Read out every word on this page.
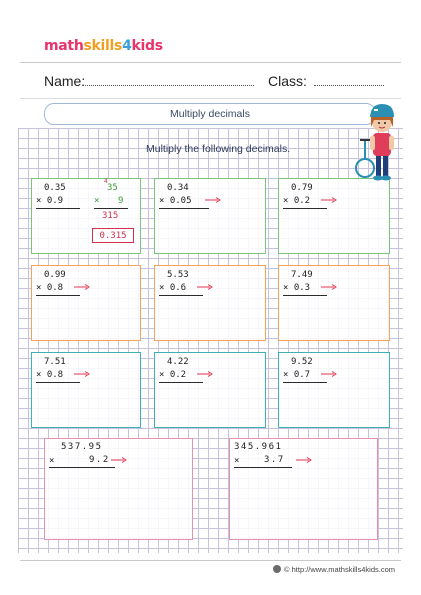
mathskills4kids
Name:	Class:
Multiply decimals
Multiply the following decimals.
0.35
× 0.9
4
35
× 9
315
0.315
0.34
× 0.05
0.79
× 0.2
0.99
× 0.8
5.53
× 0.6
7.49
× 0.3
7.51
× 0.8
4.22
× 0.2
9.52
× 0.7
537.95
×	9.2
345.961
×	3.7
© http://www.mathskills4kids.com
